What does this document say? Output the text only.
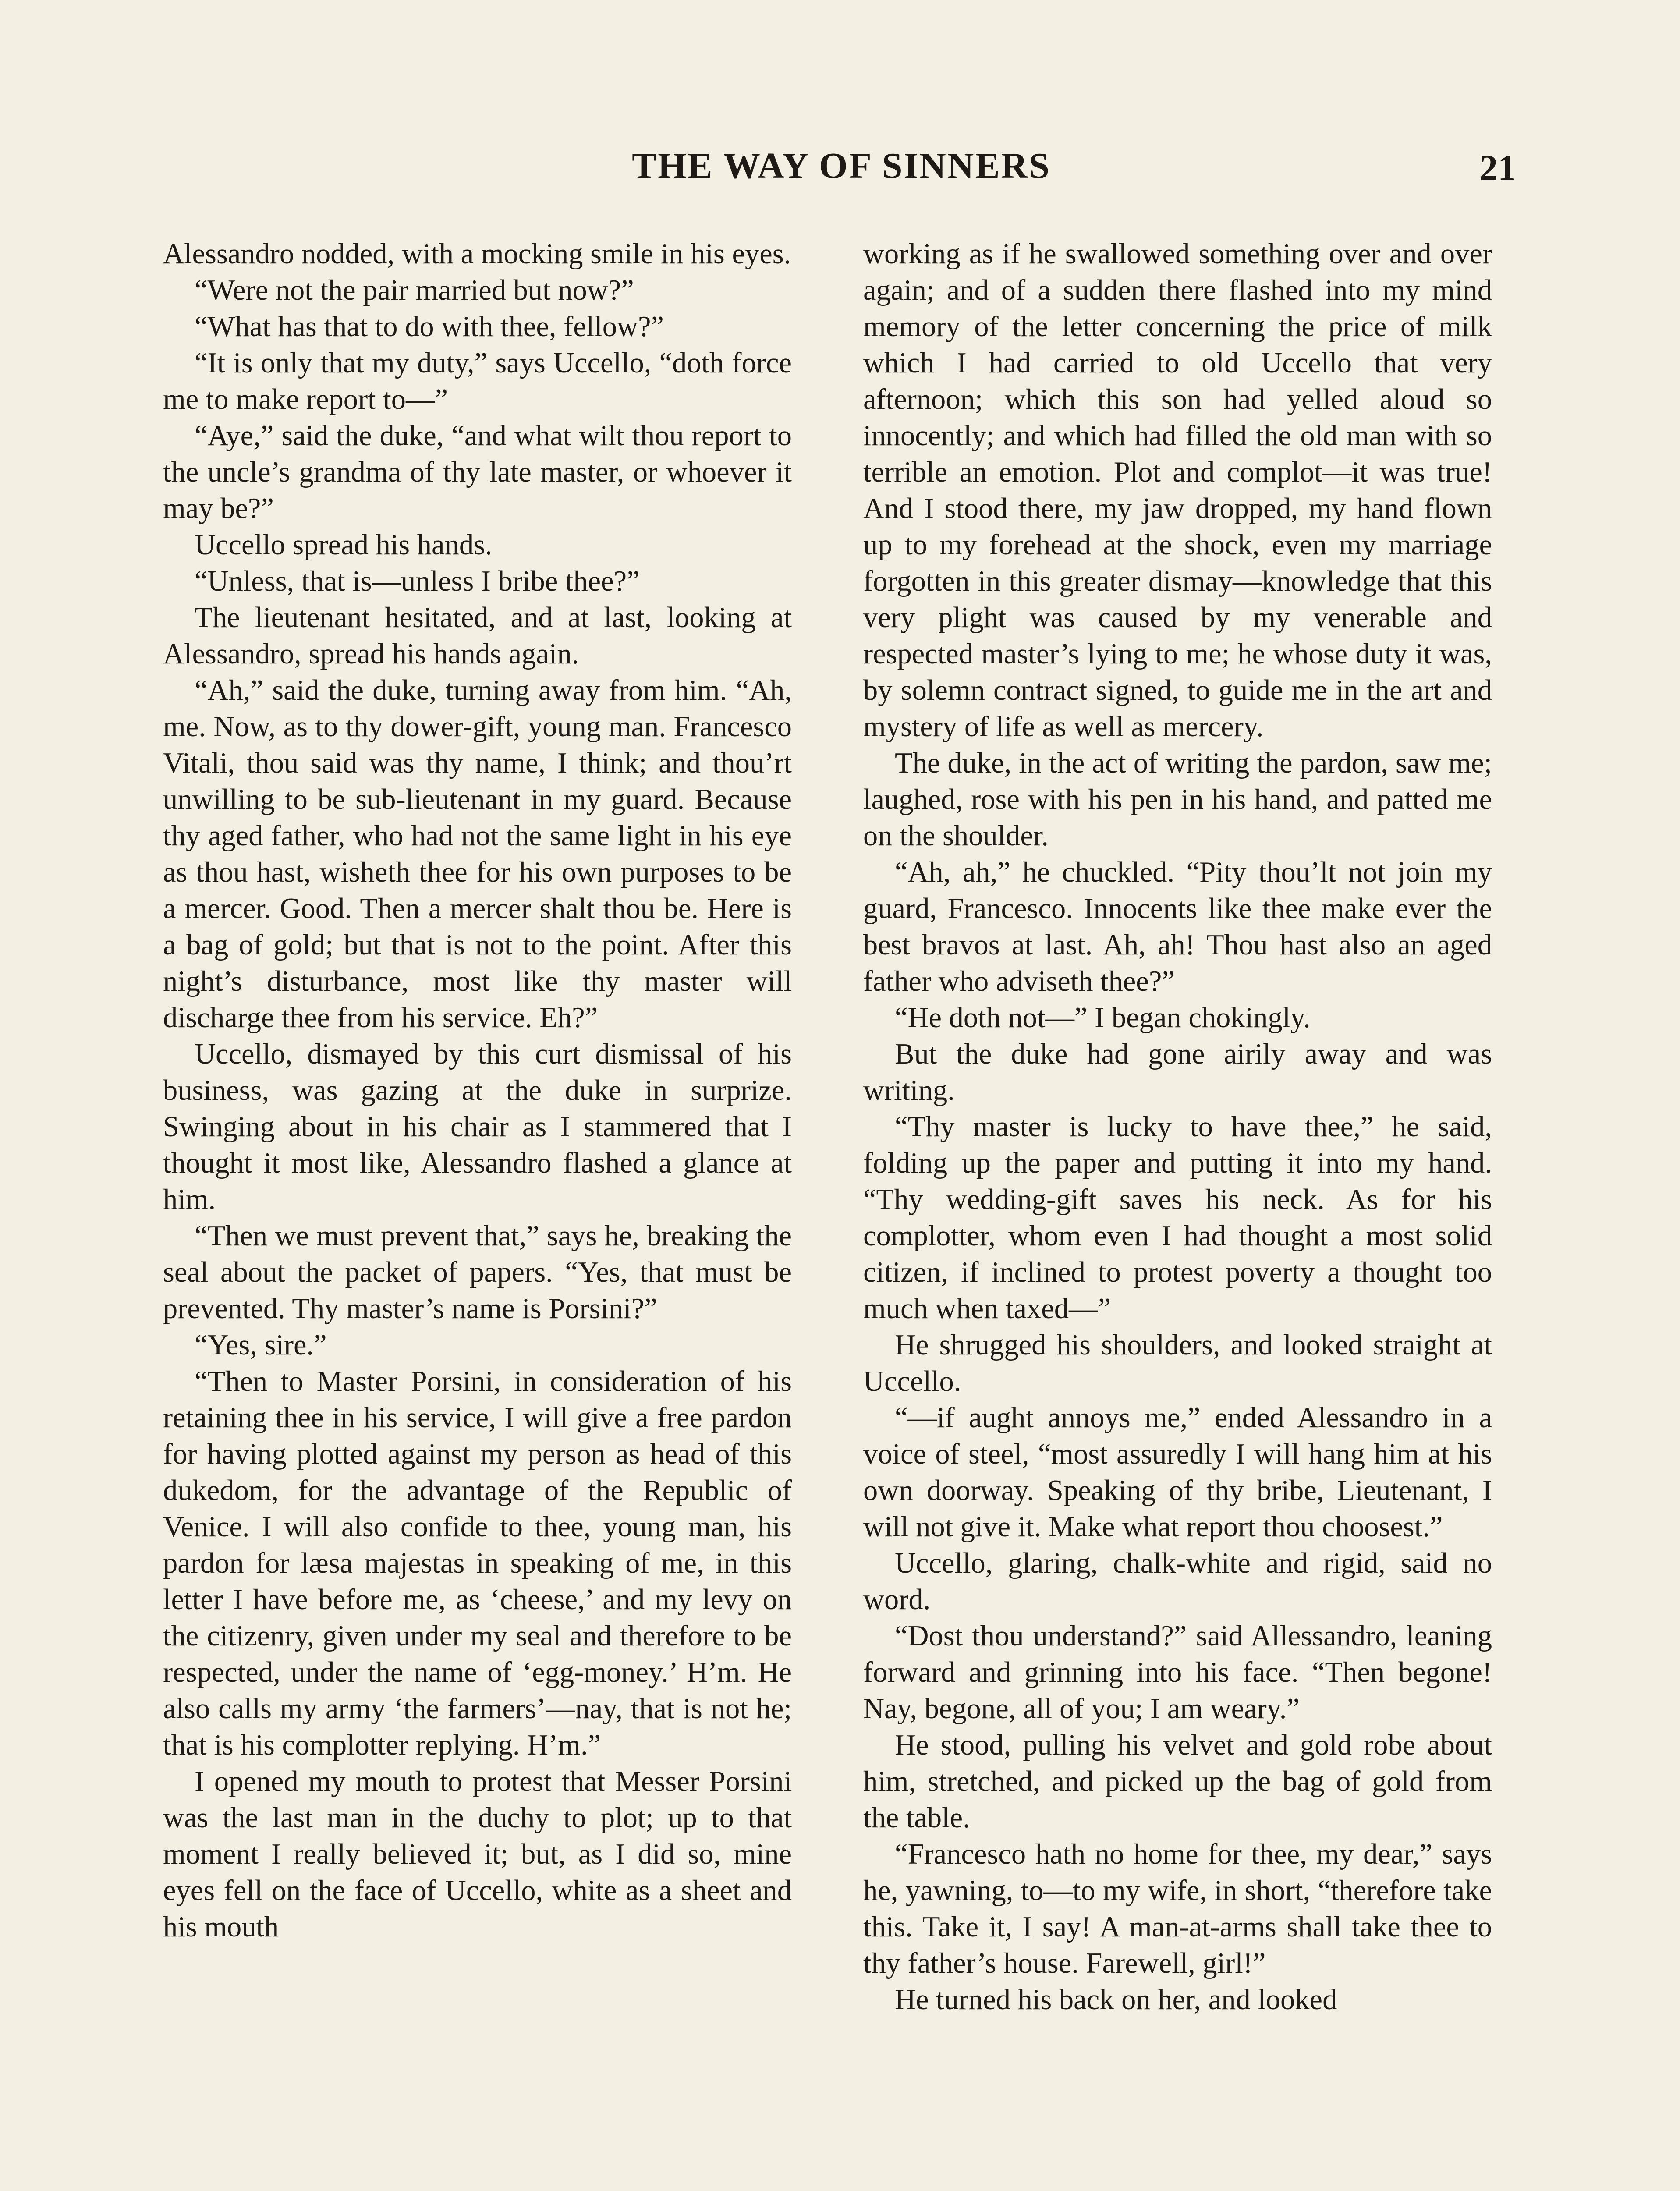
THE WAY OF SINNERS	21

Alessandro nodded, with a mocking smile in his eyes.

“Were not the pair married but now?”

“What has that to do with thee, fellow?”

“It is only that my duty,” says Uccello, “doth force me to make report to—”

“Aye,” said the duke, “and what wilt thou report to the uncle’s grandma of thy late master, or whoever it may be?”

Uccello spread his hands.

“Unless, that is—unless I bribe thee?”

The lieutenant hesitated, and at last, looking at Alessandro, spread his hands again.

“Ah,” said the duke, turning away from him. “Ah, me. Now, as to thy dower-gift, young man. Francesco Vitali, thou said was thy name, I think; and thou’rt unwilling to be sub-lieutenant in my guard. Because thy aged father, who had not the same light in his eye as thou hast, wisheth thee for his own purposes to be a mercer. Good. Then a mercer shalt thou be. Here is a bag of gold; but that is not to the point. After this night’s disturbance, most like thy master will discharge thee from his service. Eh?”

Uccello, dismayed by this curt dismissal of his business, was gazing at the duke in surprize. Swinging about in his chair as I stammered that I thought it most like, Alessandro flashed a glance at him.

“Then we must prevent that,” says he, breaking the seal about the packet of papers. “Yes, that must be prevented. Thy master’s name is Porsini?”

“Yes, sire.”

“Then to Master Porsini, in consideration of his retaining thee in his service, I will give a free pardon for having plotted against my person as head of this dukedom, for the advantage of the Republic of Venice. I will also confide to thee, young man, his pardon for læsa majestas in speaking of me, in this letter I have before me, as ‘cheese,’ and my levy on the citizenry, given under my seal and therefore to be respected, under the name of ‘egg-money.’ H’m. He also calls my army ‘the farmers’—nay, that is not he; that is his complotter replying. H’m.”

I opened my mouth to protest that Messer Porsini was the last man in the duchy to plot; up to that moment I really believed it; but, as I did so, mine eyes fell on the face of Uccello, white as a sheet and his mouth

working as if he swallowed something over and over again; and of a sudden there flashed into my mind memory of the letter concerning the price of milk which I had carried to old Uccello that very afternoon; which this son had yelled aloud so innocently; and which had filled the old man with so terrible an emotion. Plot and complot—it was true! And I stood there, my jaw dropped, my hand flown up to my forehead at the shock, even my marriage forgotten in this greater dismay—knowledge that this very plight was caused by my venerable and respected master’s lying to me; he whose duty it was, by solemn contract signed, to guide me in the art and mystery of life as well as mercery.

The duke, in the act of writing the pardon, saw me; laughed, rose with his pen in his hand, and patted me on the shoulder.

“Ah, ah,” he chuckled. “Pity thou’lt not join my guard, Francesco. Innocents like thee make ever the best bravos at last. Ah, ah! Thou hast also an aged father who adviseth thee?”

“He doth not—” I began chokingly.

But the duke had gone airily away and was writing.

“Thy master is lucky to have thee,” he said, folding up the paper and putting it into my hand. “Thy wedding-gift saves his neck. As for his complotter, whom even I had thought a most solid citizen, if inclined to protest poverty a thought too much when taxed—”

He shrugged his shoulders, and looked straight at Uccello.

“—if aught annoys me,” ended Alessandro in a voice of steel, “most assuredly I will hang him at his own doorway. Speaking of thy bribe, Lieutenant, I will not give it. Make what report thou choosest.”

Uccello, glaring, chalk-white and rigid, said no word.

“Dost thou understand?” said Allessandro, leaning forward and grinning into his face. “Then begone! Nay, begone, all of you; I am weary.”

He stood, pulling his velvet and gold robe about him, stretched, and picked up the bag of gold from the table.

“Francesco hath no home for thee, my dear,” says he, yawning, to—to my wife, in short, “therefore take this. Take it, I say! A man-at-arms shall take thee to thy father’s house. Farewell, girl!”

He turned his back on her, and looked
